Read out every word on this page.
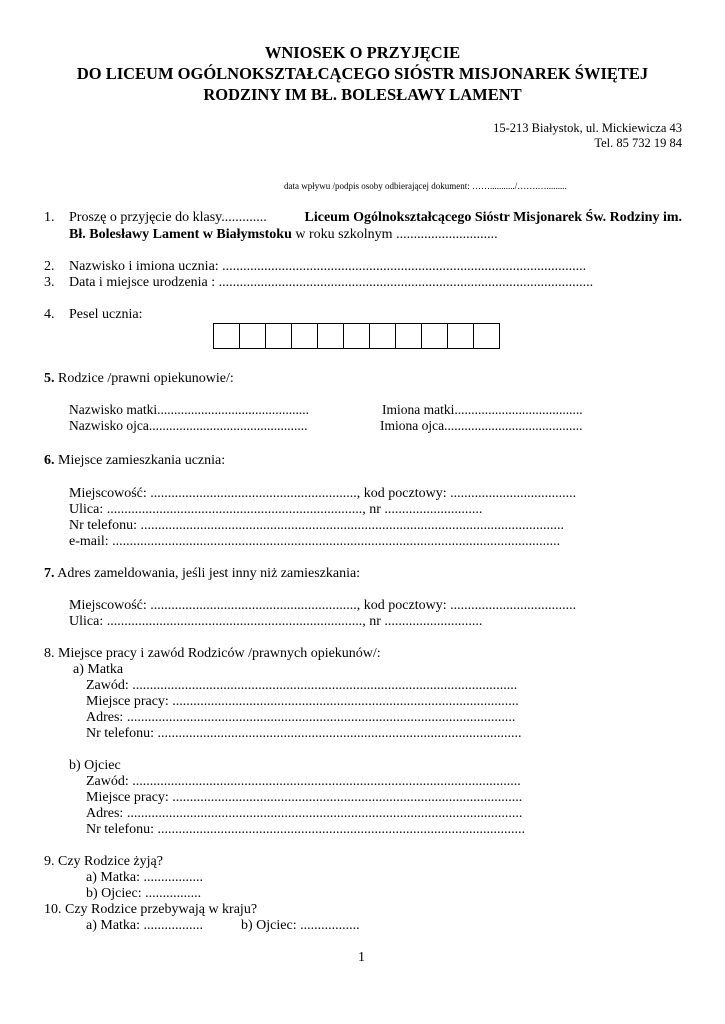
WNIOSEK O PRZYJĘCIE
DO LICEUM OGÓLNOKSZTAŁCĄCEGO SIÓSTR MISJONAREK ŚWIĘTEJ
RODZINY IM BŁ. BOLESŁAWY LAMENT
15-213 Białystok, ul. Mickiewicza 43
Tel. 85 732 19 84
data wpływu /podpis osoby odbierającej dokument: …….........../…….….........
1. Proszę o przyjęcie do klasy.............	Liceum Ogólnokształcącego Sióstr Misjonarek Św. Rodziny im.
Bł. Bolesławy Lament w Białymstoku w roku szkolnym .............................
2. Nazwisko i imiona ucznia: ........................................................................................................
3. Data i miejsce urodzenia : ...........................................................................................................
4. Pesel ucznia:
5. Rodzice /prawni opiekunowie/:
Nazwisko matki.............................................	Imiona matki......................................
Nazwisko ojca...............................................	Imiona ojca.........................................
6. Miejsce zamieszkania ucznia:
Miejscowość: ..........................................................., kod pocztowy: ....................................
Ulica: ........................................................................., nr ............................
Nr telefonu: .........................................................................................................................
e-mail: ................................................................................................................................
7. Adres zameldowania, jeśli jest inny niż zamieszkania:
Miejscowość: ..........................................................., kod pocztowy: ....................................
Ulica: ........................................................................., nr ............................
8. Miejsce pracy i zawód Rodziców /prawnych opiekunów/:
a) Matka
Zawód: ..............................................................................................................
Miejsce pracy: ...................................................................................................
Adres: ...............................................................................................................
Nr telefonu: ........................................................................................................
b) Ojciec
Zawód: ...............................................................................................................
Miejsce pracy: ....................................................................................................
Adres: .................................................................................................................
Nr telefonu: .........................................................................................................
9. Czy Rodzice żyją?
a) Matka: .................
b) Ojciec: ................
10. Czy Rodzice przebywają w kraju?
a) Matka: .................	b) Ojciec: .................
1
